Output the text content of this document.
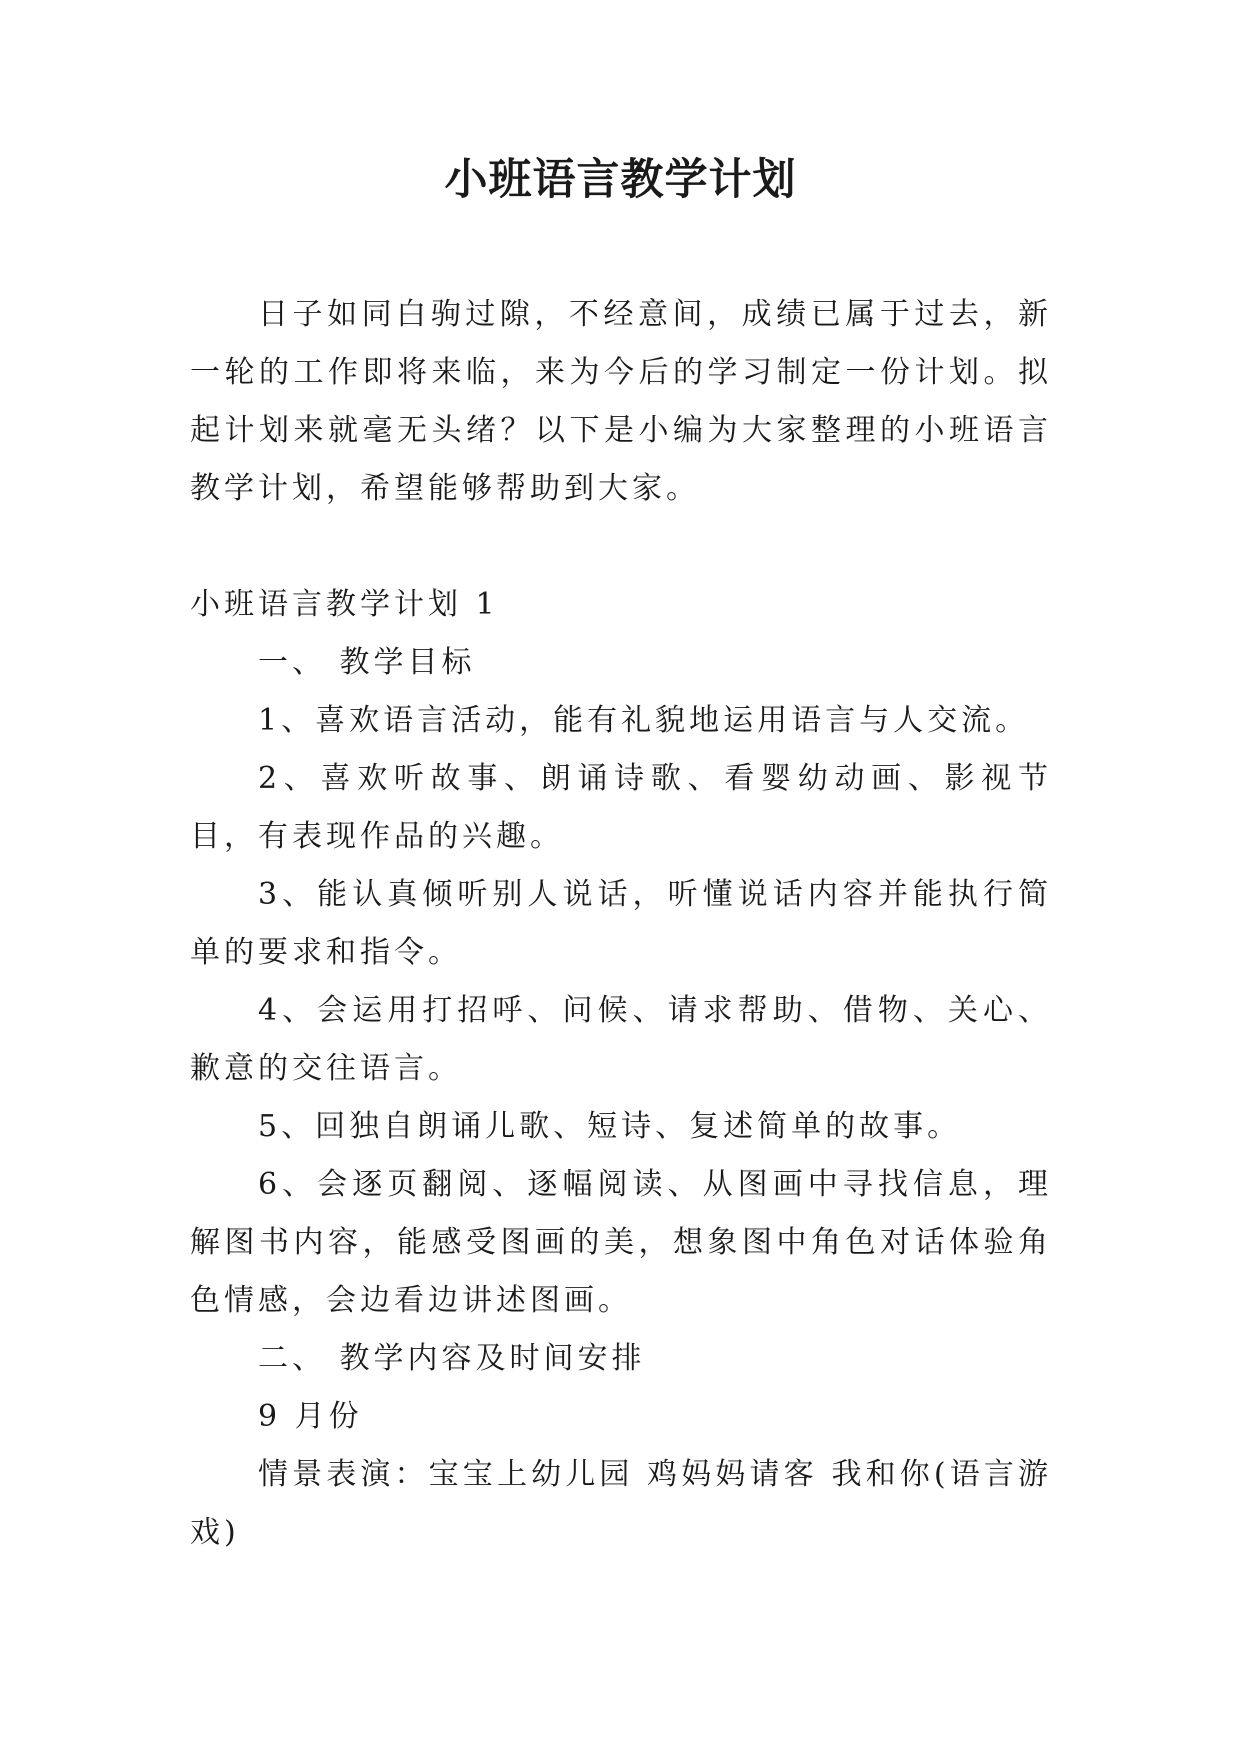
小班语言教学计划

日子如同白驹过隙，不经意间，成绩已属于过去，新一轮的工作即将来临，来为今后的学习制定一份计划。拟起计划来就毫无头绪？以下是小编为大家整理的小班语言教学计划，希望能够帮助到大家。

小班语言教学计划 1

一、 教学目标

1、喜欢语言活动，能有礼貌地运用语言与人交流。

2、喜欢听故事、朗诵诗歌、看婴幼动画、影视节目，有表现作品的兴趣。

3、能认真倾听别人说话，听懂说话内容并能执行简单的要求和指令。

4、会运用打招呼、问候、请求帮助、借物、关心、歉意的交往语言。

5、回独自朗诵儿歌、短诗、复述简单的故事。

6、会逐页翻阅、逐幅阅读、从图画中寻找信息，理解图书内容，能感受图画的美，想象图中角色对话体验角色情感，会边看边讲述图画。

二、 教学内容及时间安排

9 月份

情景表演：宝宝上幼儿园 鸡妈妈请客 我和你(语言游戏)
